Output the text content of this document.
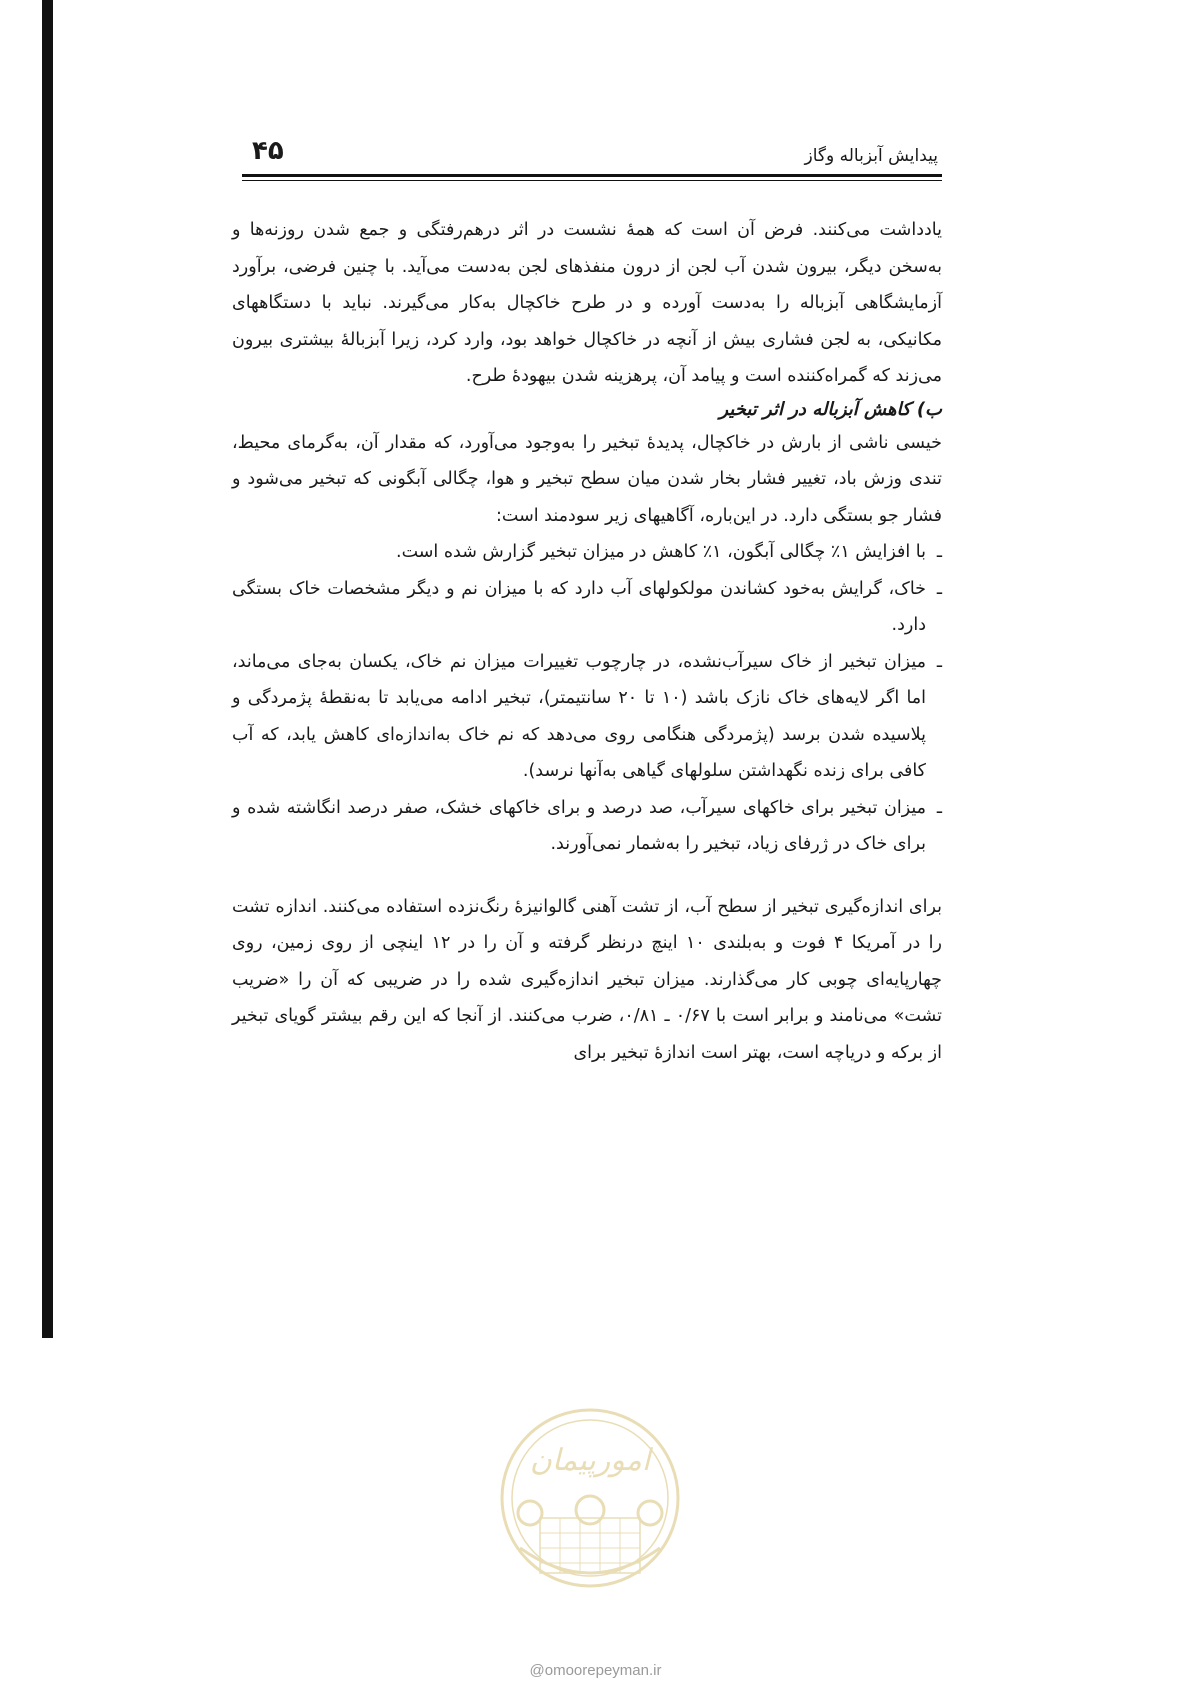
۴۵	پیدایش آبزباله وگاز

یادداشت می‌کنند. فرض آن است که همهٔ نشست در اثر درهم‌رفتگی و جمع شدن روزنه‌ها و به‌سخن دیگر، بیرون شدن آب لجن از درون منفذهای لجن به‌دست می‌آید. با چنین فرضی، برآورد آزمایشگاهی آبزباله را به‌دست آورده و در طرح خاکچال به‌کار می‌گیرند. نباید با دستگاههای مکانیکی، به لجن فشاری بیش از آنچه در خاکچال خواهد بود، وارد کرد، زیرا آبزبالهٔ بیشتری بیرون می‌زند که گمراه‌کننده است و پیامد آن، پرهزینه شدن بیهودهٔ طرح.

ب) کاهش آبزباله در اثر تبخیر

خیسی ناشی از بارش در خاکچال، پدیدهٔ تبخیر را به‌وجود می‌آورد، که مقدار آن، به‌گرمای محیط، تندی وزش باد، تغییر فشار بخار شدن میان سطح تبخیر و هوا، چگالی آبگونی که تبخیر می‌شود و فشار جو بستگی دارد. در این‌باره، آگاهیهای زیر سودمند است:

ـ
با افزایش ۱٪ چگالی آبگون، ۱٪ کاهش در میزان تبخیر گزارش شده است.
ـ
خاک، گرایش به‌خود کشاندن مولکولهای آب دارد که با میزان نم و دیگر مشخصات خاک بستگی دارد.
ـ
میزان تبخیر از خاک سیرآب‌نشده، در چارچوب تغییرات میزان نم خاک، یکسان به‌جای می‌ماند، اما اگر لایه‌های خاک نازک باشد (۱۰ تا ۲۰ سانتیمتر)، تبخیر ادامه می‌یابد تا به‌نقطهٔ پژمردگی و پلاسیده شدن برسد (پژمردگی هنگامی روی می‌دهد که نم خاک به‌اندازه‌ای کاهش یابد، که آب کافی برای زنده نگهداشتن سلولهای گیاهی به‌آنها نرسد).
ـ
میزان تبخیر برای خاکهای سیرآب، صد درصد و برای خاکهای خشک، صفر درصد انگاشته شده و برای خاک در ژرفای زیاد، تبخیر را به‌شمار نمی‌آورند.

برای اندازه‌گیری تبخیر از سطح آب، از تشت آهنی گالوانیزهٔ رنگ‌نزده استفاده می‌کنند. اندازه تشت را در آمریکا ۴ فوت و به‌بلندی ۱۰ اینچ درنظر گرفته و آن را در ۱۲ اینچی از روی زمین، روی چهارپایه‌ای چوبی کار می‌گذارند. میزان تبخیر اندازه‌گیری شده را در ضریبی که آن را «ضریب تشت» می‌نامند و برابر است با ۰/۶۷ ـ ۰/۸۱، ضرب می‌کنند. از آنجا که این رقم بیشتر گویای تبخیر از برکه و دریاچه است، بهتر است اندازهٔ تبخیر برای

امورپیمان
@omoorepeyman.ir
